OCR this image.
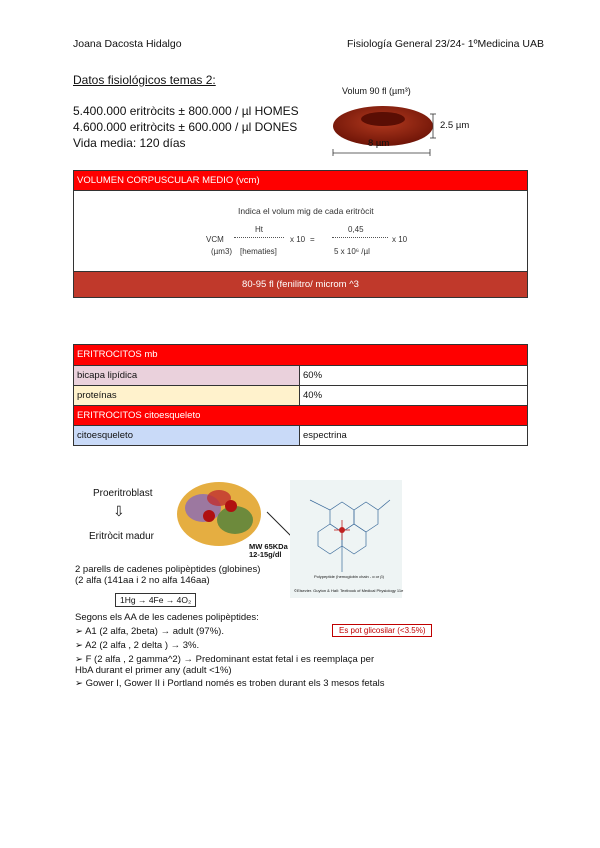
Joana Dacosta Hidalgo	Fisiología General 23/24- 1ºMedicina UAB
Datos fisiológicos temas 2:
5.400.000 eritròcits ± 800.000 / µl HOMES
4.600.000 eritròcits ± 600.000 / µl DONES
Vida media: 120 días
Volum 90 fl (µm³)
2.5 µm
8 µm
VOLUMEN CORPUSCULAR MEDIO (vcm)
Indica el volum mig de cada eritròcit
Ht
VCM	x 10 =
(µm3) [hematies]
0,45
x 10
5 x 10⁶ /µl
80-95 fl (fenilitro/ microm ^3
ERITROCITOS mb
bicapa lipídica	60%
proteínas	40%
ERITROCITOS citoesqueleto
citoesqueleto	espectrina
Proeritroblast
⇩
Eritròcit madur
MW 65KDa
12-15g/dl
2 parells de cadenes polipèptides (globines)
(2 alfa (141aa i 2 no alfa 146aa)
1Hg → 4Fe → 4O₂
Segons els AA de les cadenes polipèptides:
➢ A1 (2 alfa, 2beta) → adult (97%).
➢ A2 (2 alfa , 2 delta ) → 3%.
➢ F (2 alfa , 2 gamma^2) → Predominant estat fetal i es reemplaça per
HbA durant el primer any (adult <1%)
➢ Gower I, Gower II i Portland només es troben durant els 3 mesos fetals
Polypeptide (hemoglobin chain - α or β)
©Elsevier. Guyton & Hall: Textbook of Medical Physiology 11e
Es pot glicosilar (<3.5%)
